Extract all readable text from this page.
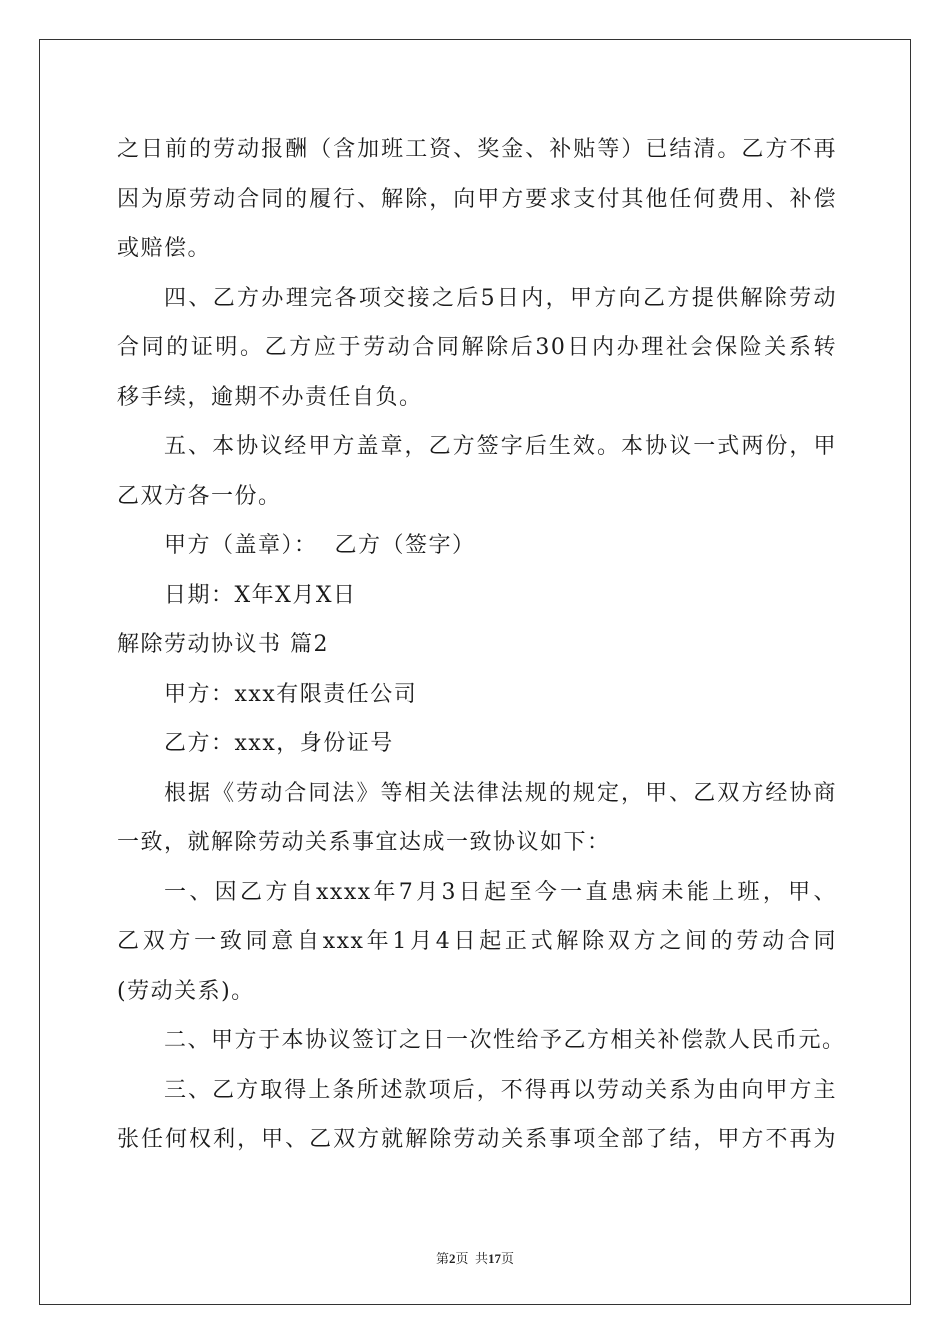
之日前的劳动报酬（含加班工资、奖金、补贴等）已结清。乙方不再
因为原劳动合同的履行、解除，向甲方要求支付其他任何费用、补偿
或赔偿。
四、乙方办理完各项交接之后5日内，甲方向乙方提供解除劳动
合同的证明。乙方应于劳动合同解除后30日内办理社会保险关系转
移手续，逾期不办责任自负。
五、本协议经甲方盖章，乙方签字后生效。本协议一式两份，甲
乙双方各一份。
甲方（盖章）：  乙方（签字）
日期：X年X月X日
解除劳动协议书 篇2
甲方：xxx有限责任公司
乙方：xxx，身份证号
根据《劳动合同法》等相关法律法规的规定，甲、乙双方经协商
一致，就解除劳动关系事宜达成一致协议如下：
一、因乙方自xxxx年7月3日起至今一直患病未能上班，甲、
乙双方一致同意自xxx年1月4日起正式解除双方之间的劳动合同
(劳动关系)。
二、甲方于本协议签订之日一次性给予乙方相关补偿款人民币元。
三、乙方取得上条所述款项后，不得再以劳动关系为由向甲方主
张任何权利，甲、乙双方就解除劳动关系事项全部了结，甲方不再为
第2页  共17页
